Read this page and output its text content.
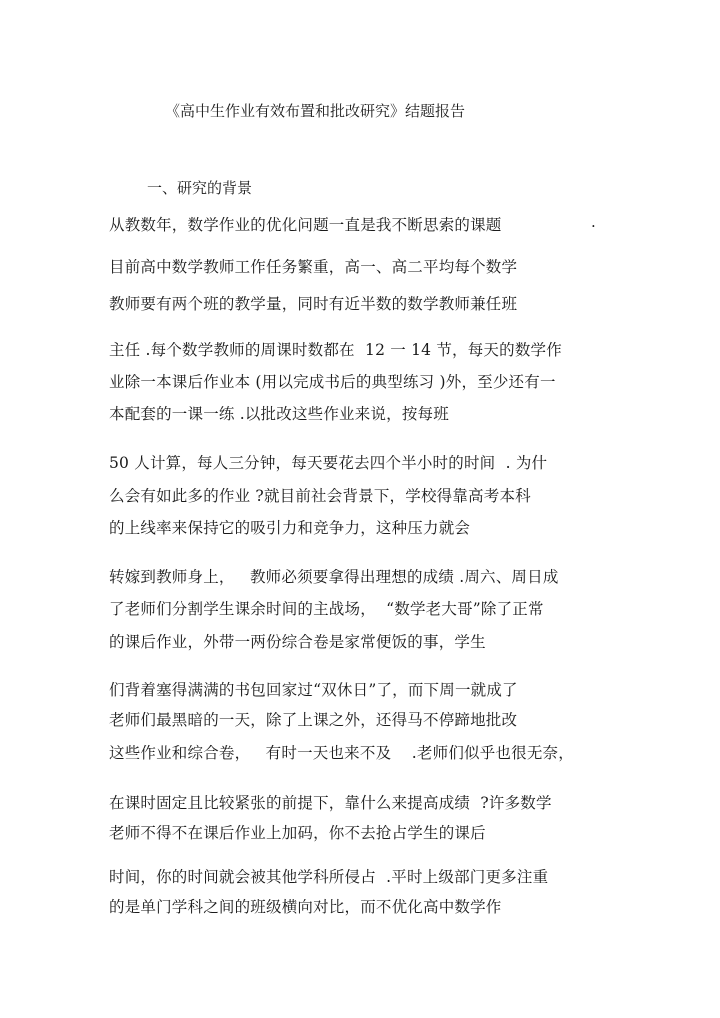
《高中生作业有效布置和批改研究》结题报告
一、研究的背景
从教数年，数学作业的优化问题一直是我不断思索的课题	.
目前高中数学教师工作任务繁重，高一、高二平均每个数学
教师要有两个班的教学量，同时有近半数的数学教师兼任班
主任 .每个数学教师的周课时数都在  12 一 14 节，每天的数学作
业除一本课后作业本 (用以完成书后的典型练习 )外，至少还有一
本配套的一课一练 .以批改这些作业来说，按每班
50 人计算，每人三分钟，每天要花去四个半小时的时间  . 为什
么会有如此多的作业 ?就目前社会背景下，学校得靠高考本科
的上线率来保持它的吸引力和竞争力，这种压力就会
转嫁到教师身上，   教师必须要拿得出理想的成绩 .周六、周日成
了老师们分割学生课余时间的主战场，  “数学老大哥”除了正常
的课后作业，外带一两份综合卷是家常便饭的事，学生
们背着塞得满满的书包回家过“双休日”了，而下周一就成了
老师们最黑暗的一天，除了上课之外，还得马不停蹄地批改
这些作业和综合卷，   有时一天也来不及    .老师们似乎也很无奈，
在课时固定且比较紧张的前提下，靠什么来提高成绩  ?许多数学
老师不得不在课后作业上加码，你不去抢占学生的课后
时间，你的时间就会被其他学科所侵占  .平时上级部门更多注重
的是单门学科之间的班级横向对比，而不优化高中数学作
